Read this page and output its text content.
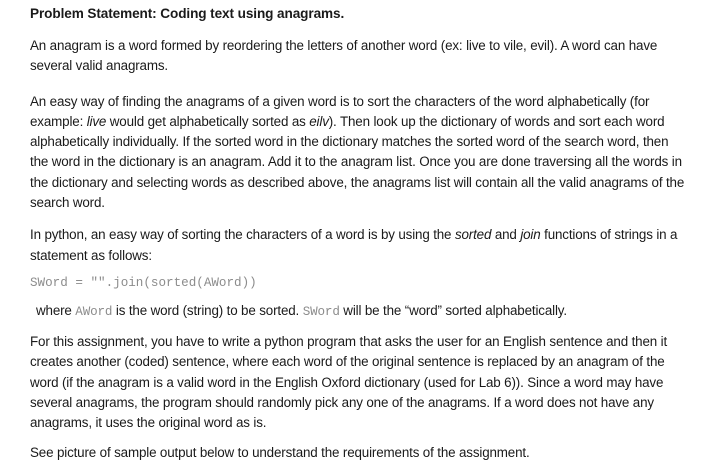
Problem Statement: Coding text using anagrams.
An anagram is a word formed by reordering the letters of another word (ex: live to vile, evil). A word can have several valid anagrams.
An easy way of finding the anagrams of a given word is to sort the characters of the word alphabetically (for example: live would get alphabetically sorted as eilv). Then look up the dictionary of words and sort each word alphabetically individually. If the sorted word in the dictionary matches the sorted word of the search word, then the word in the dictionary is an anagram. Add it to the anagram list. Once you are done traversing all the words in the dictionary and selecting words as described above, the anagrams list will contain all the valid anagrams of the search word.
In python, an easy way of sorting the characters of a word is by using the sorted and join functions of strings in a statement as follows:
SWord = "".join(sorted(AWord))
where AWord is the word (string) to be sorted. SWord will be the “word” sorted alphabetically.
For this assignment, you have to write a python program that asks the user for an English sentence and then it creates another (coded) sentence, where each word of the original sentence is replaced by an anagram of the word (if the anagram is a valid word in the English Oxford dictionary (used for Lab 6)). Since a word may have several anagrams, the program should randomly pick any one of the anagrams. If a word does not have any anagrams, it uses the original word as is.
See picture of sample output below to understand the requirements of the assignment.
